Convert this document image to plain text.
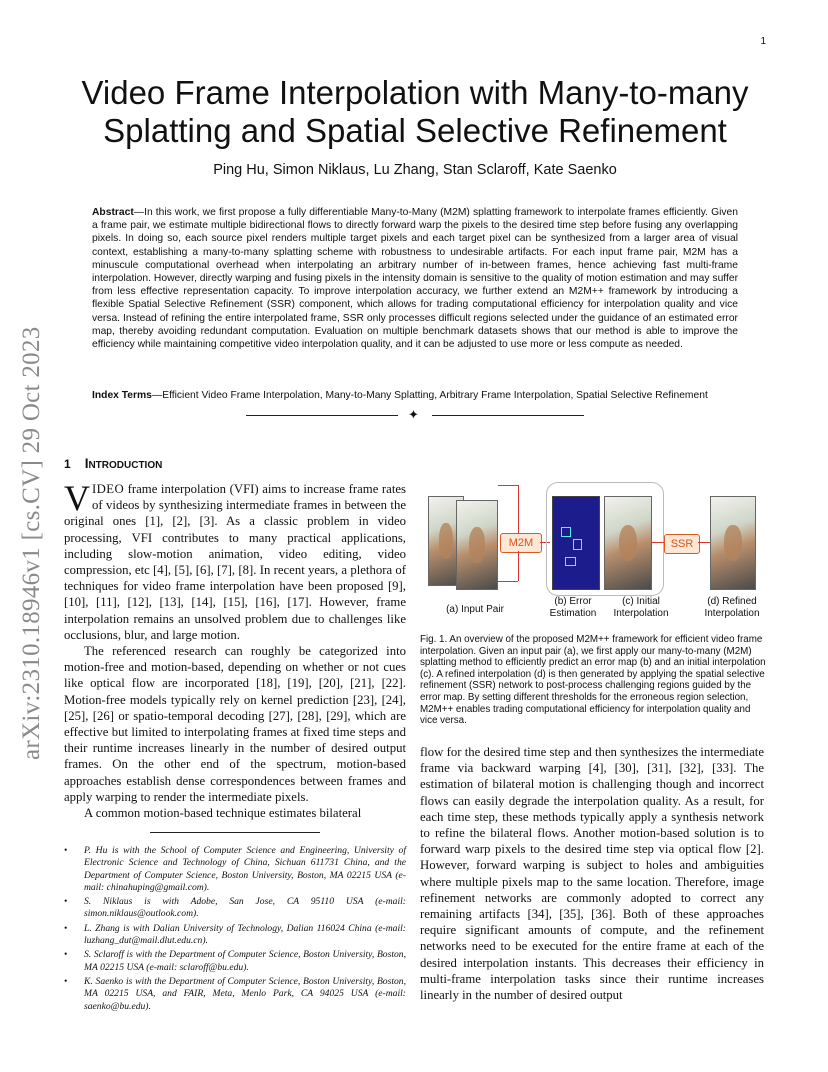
1
arXiv:2310.18946v1 [cs.CV] 29 Oct 2023
Video Frame Interpolation with Many-to-many
Splatting and Spatial Selective Refinement
Ping Hu, Simon Niklaus, Lu Zhang, Stan Sclaroff, Kate Saenko

Abstract—In this work, we first propose a fully differentiable Many-to-Many (M2M) splatting framework to interpolate frames efficiently. Given a frame pair, we estimate multiple bidirectional flows to directly forward warp the pixels to the desired time step before fusing any overlapping pixels. In doing so, each source pixel renders multiple target pixels and each target pixel can be synthesized from a larger area of visual context, establishing a many-to-many splatting scheme with robustness to undesirable artifacts. For each input frame pair, M2M has a minuscule computational overhead when interpolating an arbitrary number of in-between frames, hence achieving fast multi-frame interpolation. However, directly warping and fusing pixels in the intensity domain is sensitive to the quality of motion estimation and may suffer from less effective representation capacity. To improve interpolation accuracy, we further extend an M2M++ framework by introducing a flexible Spatial Selective Refinement (SSR) component, which allows for trading computational efficiency for interpolation quality and vice versa. Instead of refining the entire interpolated frame, SSR only processes difficult regions selected under the guidance of an estimated error map, thereby avoiding redundant computation. Evaluation on multiple benchmark datasets shows that our method is able to improve the efficiency while maintaining competitive video interpolation quality, and it can be adjusted to use more or less compute as needed.

Index Terms—Efficient Video Frame Interpolation, Many-to-Many Splatting, Arbitrary Frame Interpolation, Spatial Selective Refinement
✦
1 INTRODUCTION

VIDEO frame interpolation (VFI) aims to increase frame rates of videos by synthesizing intermediate frames in between the original ones [1], [2], [3]. As a classic problem in video processing, VFI contributes to many practical applications, including slow-motion animation, video editing, video compression, etc [4], [5], [6], [7], [8]. In recent years, a plethora of techniques for video frame interpolation have been proposed [9], [10], [11], [12], [13], [14], [15], [16], [17]. However, frame interpolation remains an unsolved problem due to challenges like occlusions, blur, and large motion.

The referenced research can roughly be categorized into motion-free and motion-based, depending on whether or not cues like optical flow are incorporated [18], [19], [20], [21], [22]. Motion-free models typically rely on kernel prediction [23], [24], [25], [26] or spatio-temporal decoding [27], [28], [29], which are effective but limited to interpolating frames at fixed time steps and their runtime increases linearly in the number of desired output frames. On the other end of the spectrum, motion-based approaches establish dense correspondences between frames and apply warping to render the intermediate pixels.

A common motion-based technique estimates bilateral

• P. Hu is with the School of Computer Science and Engineering, University of Electronic Science and Technology of China, Sichuan 611731 China, and the Department of Computer Science, Boston University, Boston, MA 02215 USA (e-mail: chinahuping@gmail.com).
• S. Niklaus is with Adobe, San Jose, CA 95110 USA (e-mail: simon.niklaus@outlook.com).
• L. Zhang is with Dalian University of Technology, Dalian 116024 China (e-mail: luzhang_dut@mail.dlut.edu.cn).
• S. Sclaroff is with the Department of Computer Science, Boston University, Boston, MA 02215 USA (e-mail: sclaroff@bu.edu).
• K. Saenko is with the Department of Computer Science, Boston University, Boston, MA 02215 USA, and FAIR, Meta, Menlo Park, CA 94025 USA (e-mail: saenko@bu.edu).
M2M	SSR
(a) Input Pair
(b) Error
Estimation
(c) Initial
Interpolation
(d) Refined
Interpolation

Fig. 1. An overview of the proposed M2M++ framework for efficient video frame interpolation. Given an input pair (a), we first apply our many-to-many (M2M) splatting method to efficiently predict an error map (b) and an initial interpolation (c). A refined interpolation (d) is then generated by applying the spatial selective refinement (SSR) network to post-process challenging regions guided by the error map. By setting different thresholds for the erroneous region selection, M2M++ enables trading computational efficiency for interpolation quality and vice versa.

flow for the desired time step and then synthesizes the intermediate frame via backward warping [4], [30], [31], [32], [33]. The estimation of bilateral motion is challenging though and incorrect flows can easily degrade the interpolation quality. As a result, for each time step, these methods typically apply a synthesis network to refine the bilateral flows. Another motion-based solution is to forward warp pixels to the desired time step via optical flow [2]. However, forward warping is subject to holes and ambiguities where multiple pixels map to the same location. Therefore, image refinement networks are commonly adopted to correct any remaining artifacts [34], [35], [36]. Both of these approaches require significant amounts of compute, and the refinement networks need to be executed for the entire frame at each of the desired interpolation instants. This decreases their efficiency in multi-frame interpolation tasks since their runtime increases linearly in the number of desired output
